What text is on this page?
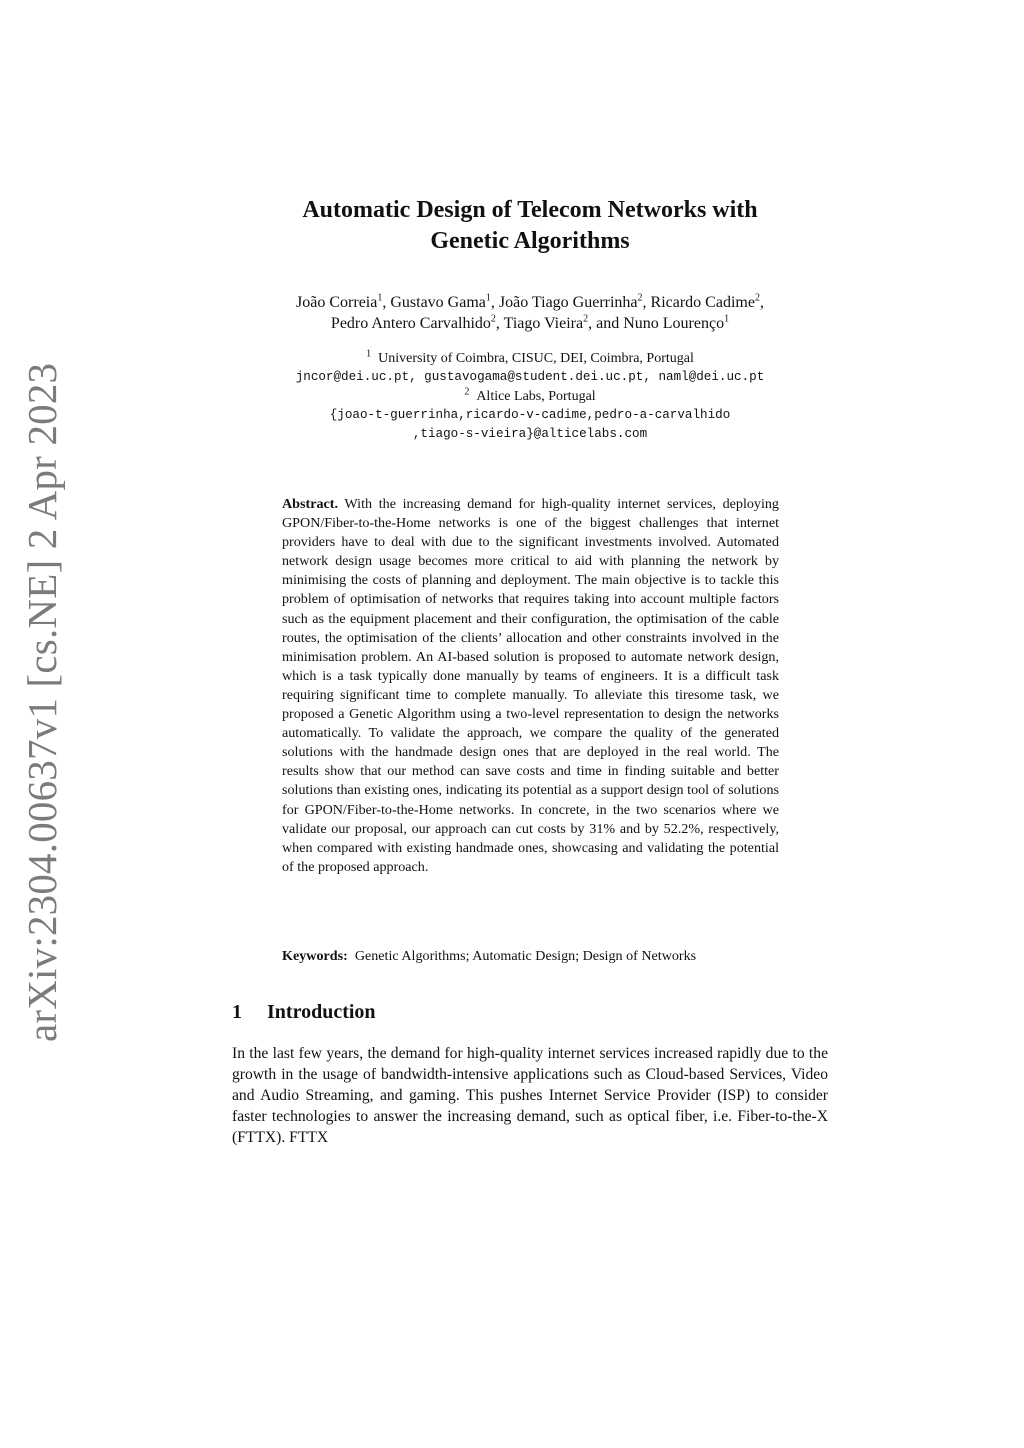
arXiv:2304.00637v1 [cs.NE] 2 Apr 2023
Automatic Design of Telecom Networks with
Genetic Algorithms
João Correia$^1$, Gustavo Gama$^1$, João Tiago Guerrinha$^2$, Ricardo Cadime$^2$,
Pedro Antero Carvalhido$^2$, Tiago Vieira$^2$, and Nuno Lourenço$^1$
$^1$ University of Coimbra, CISUC, DEI, Coimbra, Portugal
jncor@dei.uc.pt, gustavogama@student.dei.uc.pt, naml@dei.uc.pt
$^2$ Altice Labs, Portugal
{joao-t-guerrinha,ricardo-v-cadime,pedro-a-carvalhido
,tiago-s-vieira}@alticelabs.com

Abstract. With the increasing demand for high-quality internet services, deploying GPON/Fiber-to-the-Home networks is one of the biggest challenges that internet providers have to deal with due to the significant investments involved. Automated network design usage becomes more critical to aid with planning the network by minimising the costs of planning and deployment. The main objective is to tackle this problem of optimisation of networks that requires taking into account multiple factors such as the equipment placement and their configuration, the optimisation of the cable routes, the optimisation of the clients’ allocation and other constraints involved in the minimisation problem. An AI-based solution is proposed to automate network design, which is a task typically done manually by teams of engineers. It is a difficult task requiring significant time to complete manually. To alleviate this tiresome task, we proposed a Genetic Algorithm using a two-level representation to design the networks automatically. To validate the approach, we compare the quality of the generated solutions with the handmade design ones that are deployed in the real world. The results show that our method can save costs and time in finding suitable and better solutions than existing ones, indicating its potential as a support design tool of solutions for GPON/Fiber-to-the-Home networks. In concrete, in the two scenarios where we validate our proposal, our approach can cut costs by 31% and by 52.2%, respectively, when compared with existing handmade ones, showcasing and validating the potential of the proposed approach.

Keywords: Genetic Algorithms; Automatic Design; Design of Networks

1 Introduction

In the last few years, the demand for high-quality internet services increased rapidly due to the growth in the usage of bandwidth-intensive applications such as Cloud-based Services, Video and Audio Streaming, and gaming. This pushes Internet Service Provider (ISP) to consider faster technologies to answer the increasing demand, such as optical fiber, i.e. Fiber-to-the-X (FTTX). FTTX
